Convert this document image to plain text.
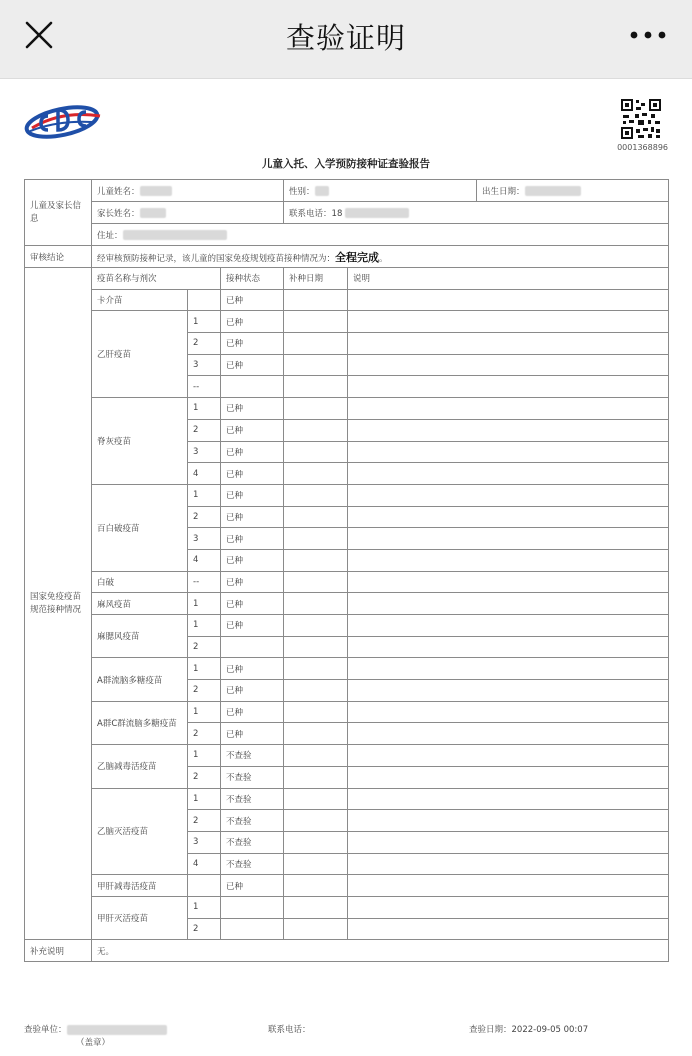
查验证明
0001368896
儿童入托、入学预防接种证查验报告
儿童及家长信息	儿童姓名：			性别：		出生日期：
	家长姓名：			联系电话：18		
	住址：					
审核结论	经审核预防接种记录，该儿童的国家免疫规划疫苗接种情况为：全程完成。					
国家免疫疫苗规范接种情况	疫苗名称与剂次		接种状态	补种日期	说明	
	卡介苗		已种			
	乙肝疫苗	1	已种			
		2	已种			
		3	已种			
		--				
	脊灰疫苗	1	已种			
		2	已种			
		3	已种			
		4	已种			
	百白破疫苗	1	已种			
		2	已种			
		3	已种			
		4	已种			
	白破	--	已种			
	麻风疫苗	1	已种			
	麻腮风疫苗	1	已种			
		2				
	A群流脑多糖疫苗	1	已种			
		2	已种			
	A群C群流脑多糖疫苗	1	已种			
		2	已种			
	乙脑减毒活疫苗	1	不查验			
		2	不查验			
	乙脑灭活疫苗	1	不查验			
		2	不查验			
		3	不查验			
		4	不查验			
	甲肝减毒活疫苗		已种			
	甲肝灭活疫苗	1				
		2				
补充说明	无。					
查验单位：
（盖章）
联系电话：	查验日期：2022-09-05 00:07
